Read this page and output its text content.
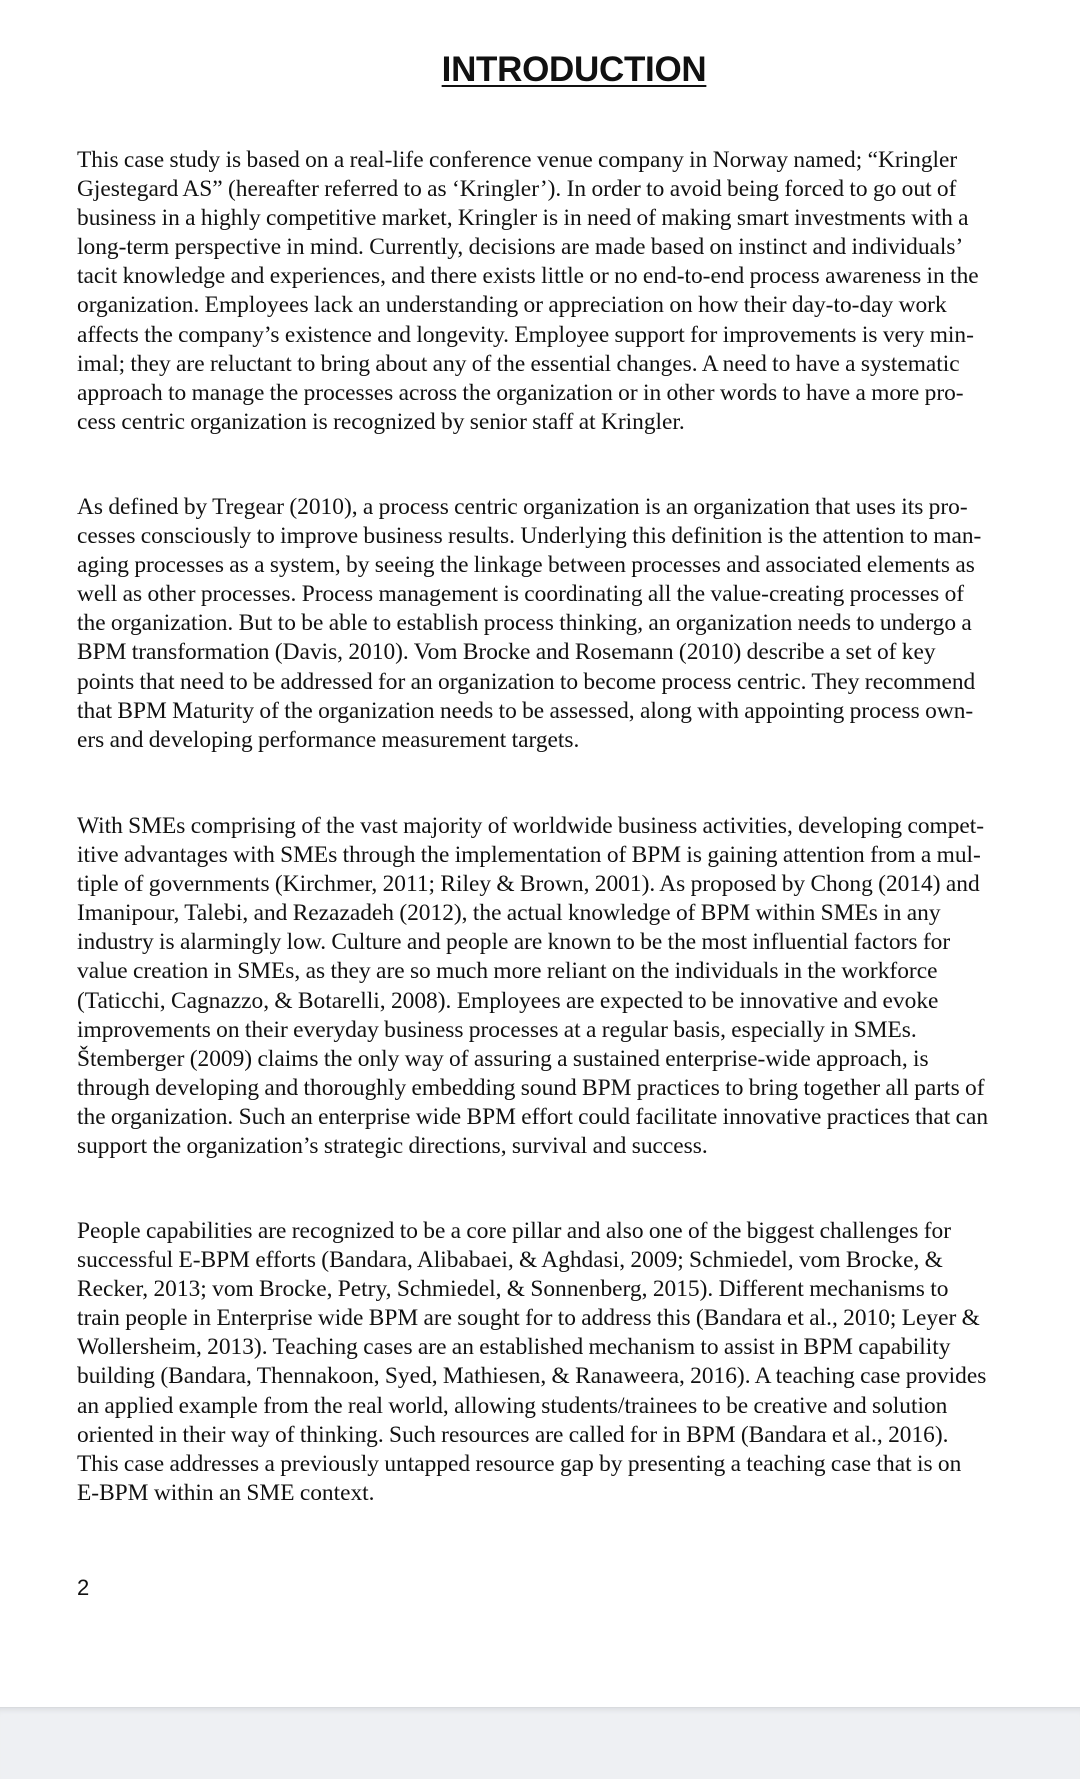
INTRODUCTION

This case study is based on a real-life conference venue company in Norway named; “Kringler
Gjestegard AS” (hereafter referred to as ‘Kringler’). In order to avoid being forced to go out of
business in a highly competitive market, Kringler is in need of making smart investments with a
long-term perspective in mind. Currently, decisions are made based on instinct and individuals’
tacit knowledge and experiences, and there exists little or no end-to-end process awareness in the
organization. Employees lack an understanding or appreciation on how their day-to-day work
affects the company’s existence and longevity. Employee support for improvements is very min-
imal; they are reluctant to bring about any of the essential changes. A need to have a systematic
approach to manage the processes across the organization or in other words to have a more pro-
cess centric organization is recognized by senior staff at Kringler.

As defined by Tregear (2010), a process centric organization is an organization that uses its pro-
cesses consciously to improve business results. Underlying this definition is the attention to man-
aging processes as a system, by seeing the linkage between processes and associated elements as
well as other processes. Process management is coordinating all the value-creating processes of
the organization. But to be able to establish process thinking, an organization needs to undergo a
BPM transformation (Davis, 2010). Vom Brocke and Rosemann (2010) describe a set of key
points that need to be addressed for an organization to become process centric. They recommend
that BPM Maturity of the organization needs to be assessed, along with appointing process own-
ers and developing performance measurement targets.

With SMEs comprising of the vast majority of worldwide business activities, developing compet-
itive advantages with SMEs through the implementation of BPM is gaining attention from a mul-
tiple of governments (Kirchmer, 2011; Riley & Brown, 2001). As proposed by Chong (2014) and
Imanipour, Talebi, and Rezazadeh (2012), the actual knowledge of BPM within SMEs in any
industry is alarmingly low. Culture and people are known to be the most influential factors for
value creation in SMEs, as they are so much more reliant on the individuals in the workforce
(Taticchi, Cagnazzo, & Botarelli, 2008). Employees are expected to be innovative and evoke
improvements on their everyday business processes at a regular basis, especially in SMEs.
Štemberger (2009) claims the only way of assuring a sustained enterprise-wide approach, is
through developing and thoroughly embedding sound BPM practices to bring together all parts of
the organization. Such an enterprise wide BPM effort could facilitate innovative practices that can
support the organization’s strategic directions, survival and success.

People capabilities are recognized to be a core pillar and also one of the biggest challenges for
successful E-BPM efforts (Bandara, Alibabaei, & Aghdasi, 2009; Schmiedel, vom Brocke, &
Recker, 2013; vom Brocke, Petry, Schmiedel, & Sonnenberg, 2015). Different mechanisms to
train people in Enterprise wide BPM are sought for to address this (Bandara et al., 2010; Leyer &
Wollersheim, 2013). Teaching cases are an established mechanism to assist in BPM capability
building (Bandara, Thennakoon, Syed, Mathiesen, & Ranaweera, 2016). A teaching case provides
an applied example from the real world, allowing students/trainees to be creative and solution
oriented in their way of thinking. Such resources are called for in BPM (Bandara et al., 2016).
This case addresses a previously untapped resource gap by presenting a teaching case that is on
E-BPM within an SME context.

2
